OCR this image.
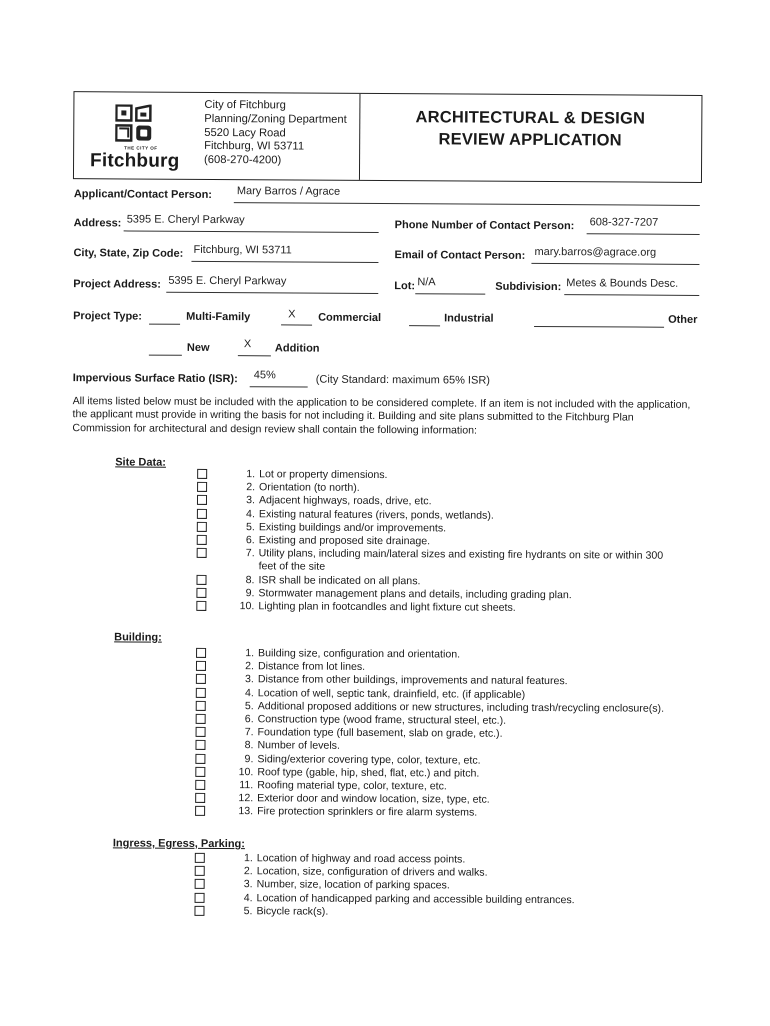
THE CITY OF
Fitchburg
City of Fitchburg
Planning/Zoning Department
5520 Lacy Road
Fitchburg, WI 53711
(608-270-4200)
ARCHITECTURAL & DESIGN
REVIEW APPLICATION
Applicant/Contact Person: Mary Barros / Agrace
Address: 5395 E. Cheryl Parkway	Phone Number of Contact Person: 608-327-7207
City, State, Zip Code: Fitchburg, WI 53711	Email of Contact Person: mary.barros@agrace.org
Project Address: 5395 E. Cheryl Parkway	Lot: N/A	Subdivision: Metes & Bounds Desc.
Project Type:	Multi-Family	X Commercial	Industrial	Other
New	X Addition
Impervious Surface Ratio (ISR): 45%	(City Standard: maximum 65% ISR)
All items listed below must be included with the application to be considered complete. If an item is not included with the application, the applicant must provide in writing the basis for not including it. Building and site plans submitted to the Fitchburg Plan Commission for architectural and design review shall contain the following information:
Site Data:
1. Lot or property dimensions.
2. Orientation (to north).
3. Adjacent highways, roads, drive, etc.
4. Existing natural features (rivers, ponds, wetlands).
5. Existing buildings and/or improvements.
6. Existing and proposed site drainage.
7. Utility plans, including main/lateral sizes and existing fire hydrants on site or within 300
feet of the site
8. ISR shall be indicated on all plans.
9. Stormwater management plans and details, including grading plan.
10. Lighting plan in footcandles and light fixture cut sheets.
Building:
1. Building size, configuration and orientation.
2. Distance from lot lines.
3. Distance from other buildings, improvements and natural features.
4. Location of well, septic tank, drainfield, etc. (if applicable)
5. Additional proposed additions or new structures, including trash/recycling enclosure(s).
6. Construction type (wood frame, structural steel, etc.).
7. Foundation type (full basement, slab on grade, etc.).
8. Number of levels.
9. Siding/exterior covering type, color, texture, etc.
10. Roof type (gable, hip, shed, flat, etc.) and pitch.
11. Roofing material type, color, texture, etc.
12. Exterior door and window location, size, type, etc.
13. Fire protection sprinklers or fire alarm systems.
Ingress, Egress, Parking:
1. Location of highway and road access points.
2. Location, size, configuration of drivers and walks.
3. Number, size, location of parking spaces.
4. Location of handicapped parking and accessible building entrances.
5. Bicycle rack(s).
